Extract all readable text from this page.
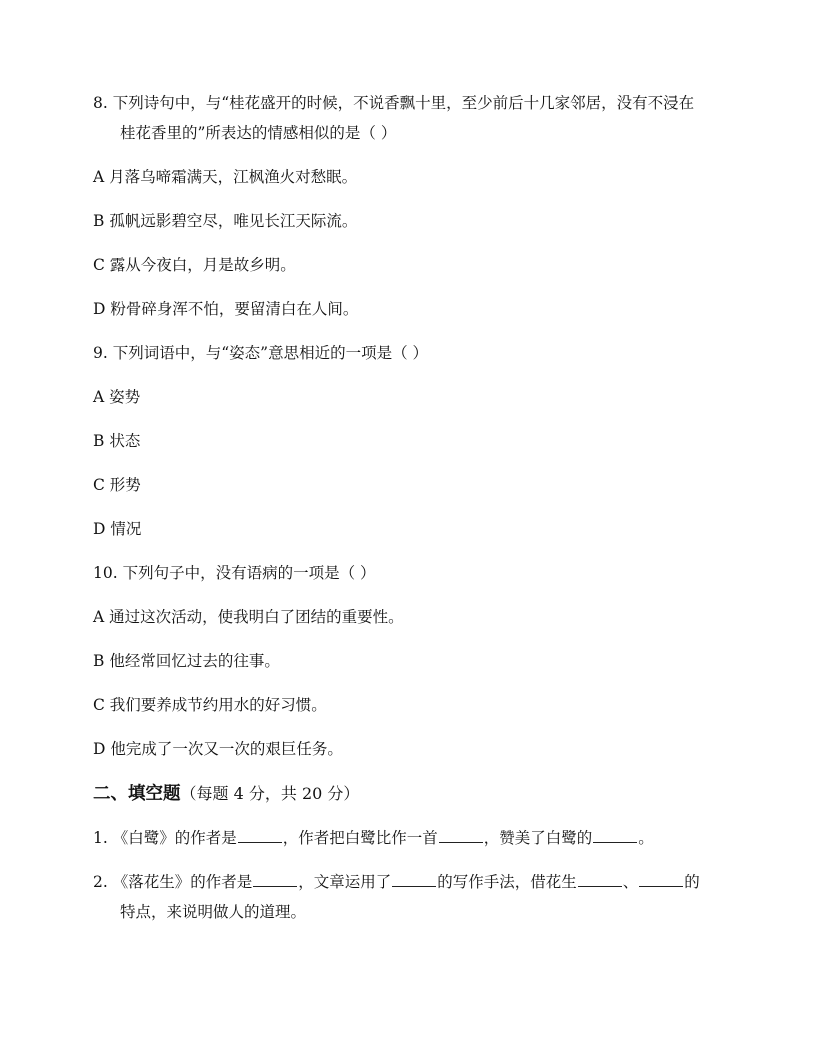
8. 下列诗句中，与“桂花盛开的时候，不说香飘十里，至少前后十几家邻居，没有不浸在

桂花香里的”所表达的情感相似的是（ ）

A 月落乌啼霜满天，江枫渔火对愁眠。

B 孤帆远影碧空尽，唯见长江天际流。

C 露从今夜白，月是故乡明。

D 粉骨碎身浑不怕，要留清白在人间。

9. 下列词语中，与“姿态”意思相近的一项是（ ）

A 姿势

B 状态

C 形势

D 情况

10. 下列句子中，没有语病的一项是（ ）

A 通过这次活动，使我明白了团结的重要性。

B 他经常回忆过去的往事。

C 我们要养成节约用水的好习惯。

D 他完成了一次又一次的艰巨任务。

二、填空题（每题 4 分，共 20 分）

1. 《白鹭》的作者是	，作者把白鹭比作一首	，赞美了白鹭的	。

2. 《落花生》的作者是	，文章运用了	的写作手法，借花生	、	的

特点，来说明做人的道理。
